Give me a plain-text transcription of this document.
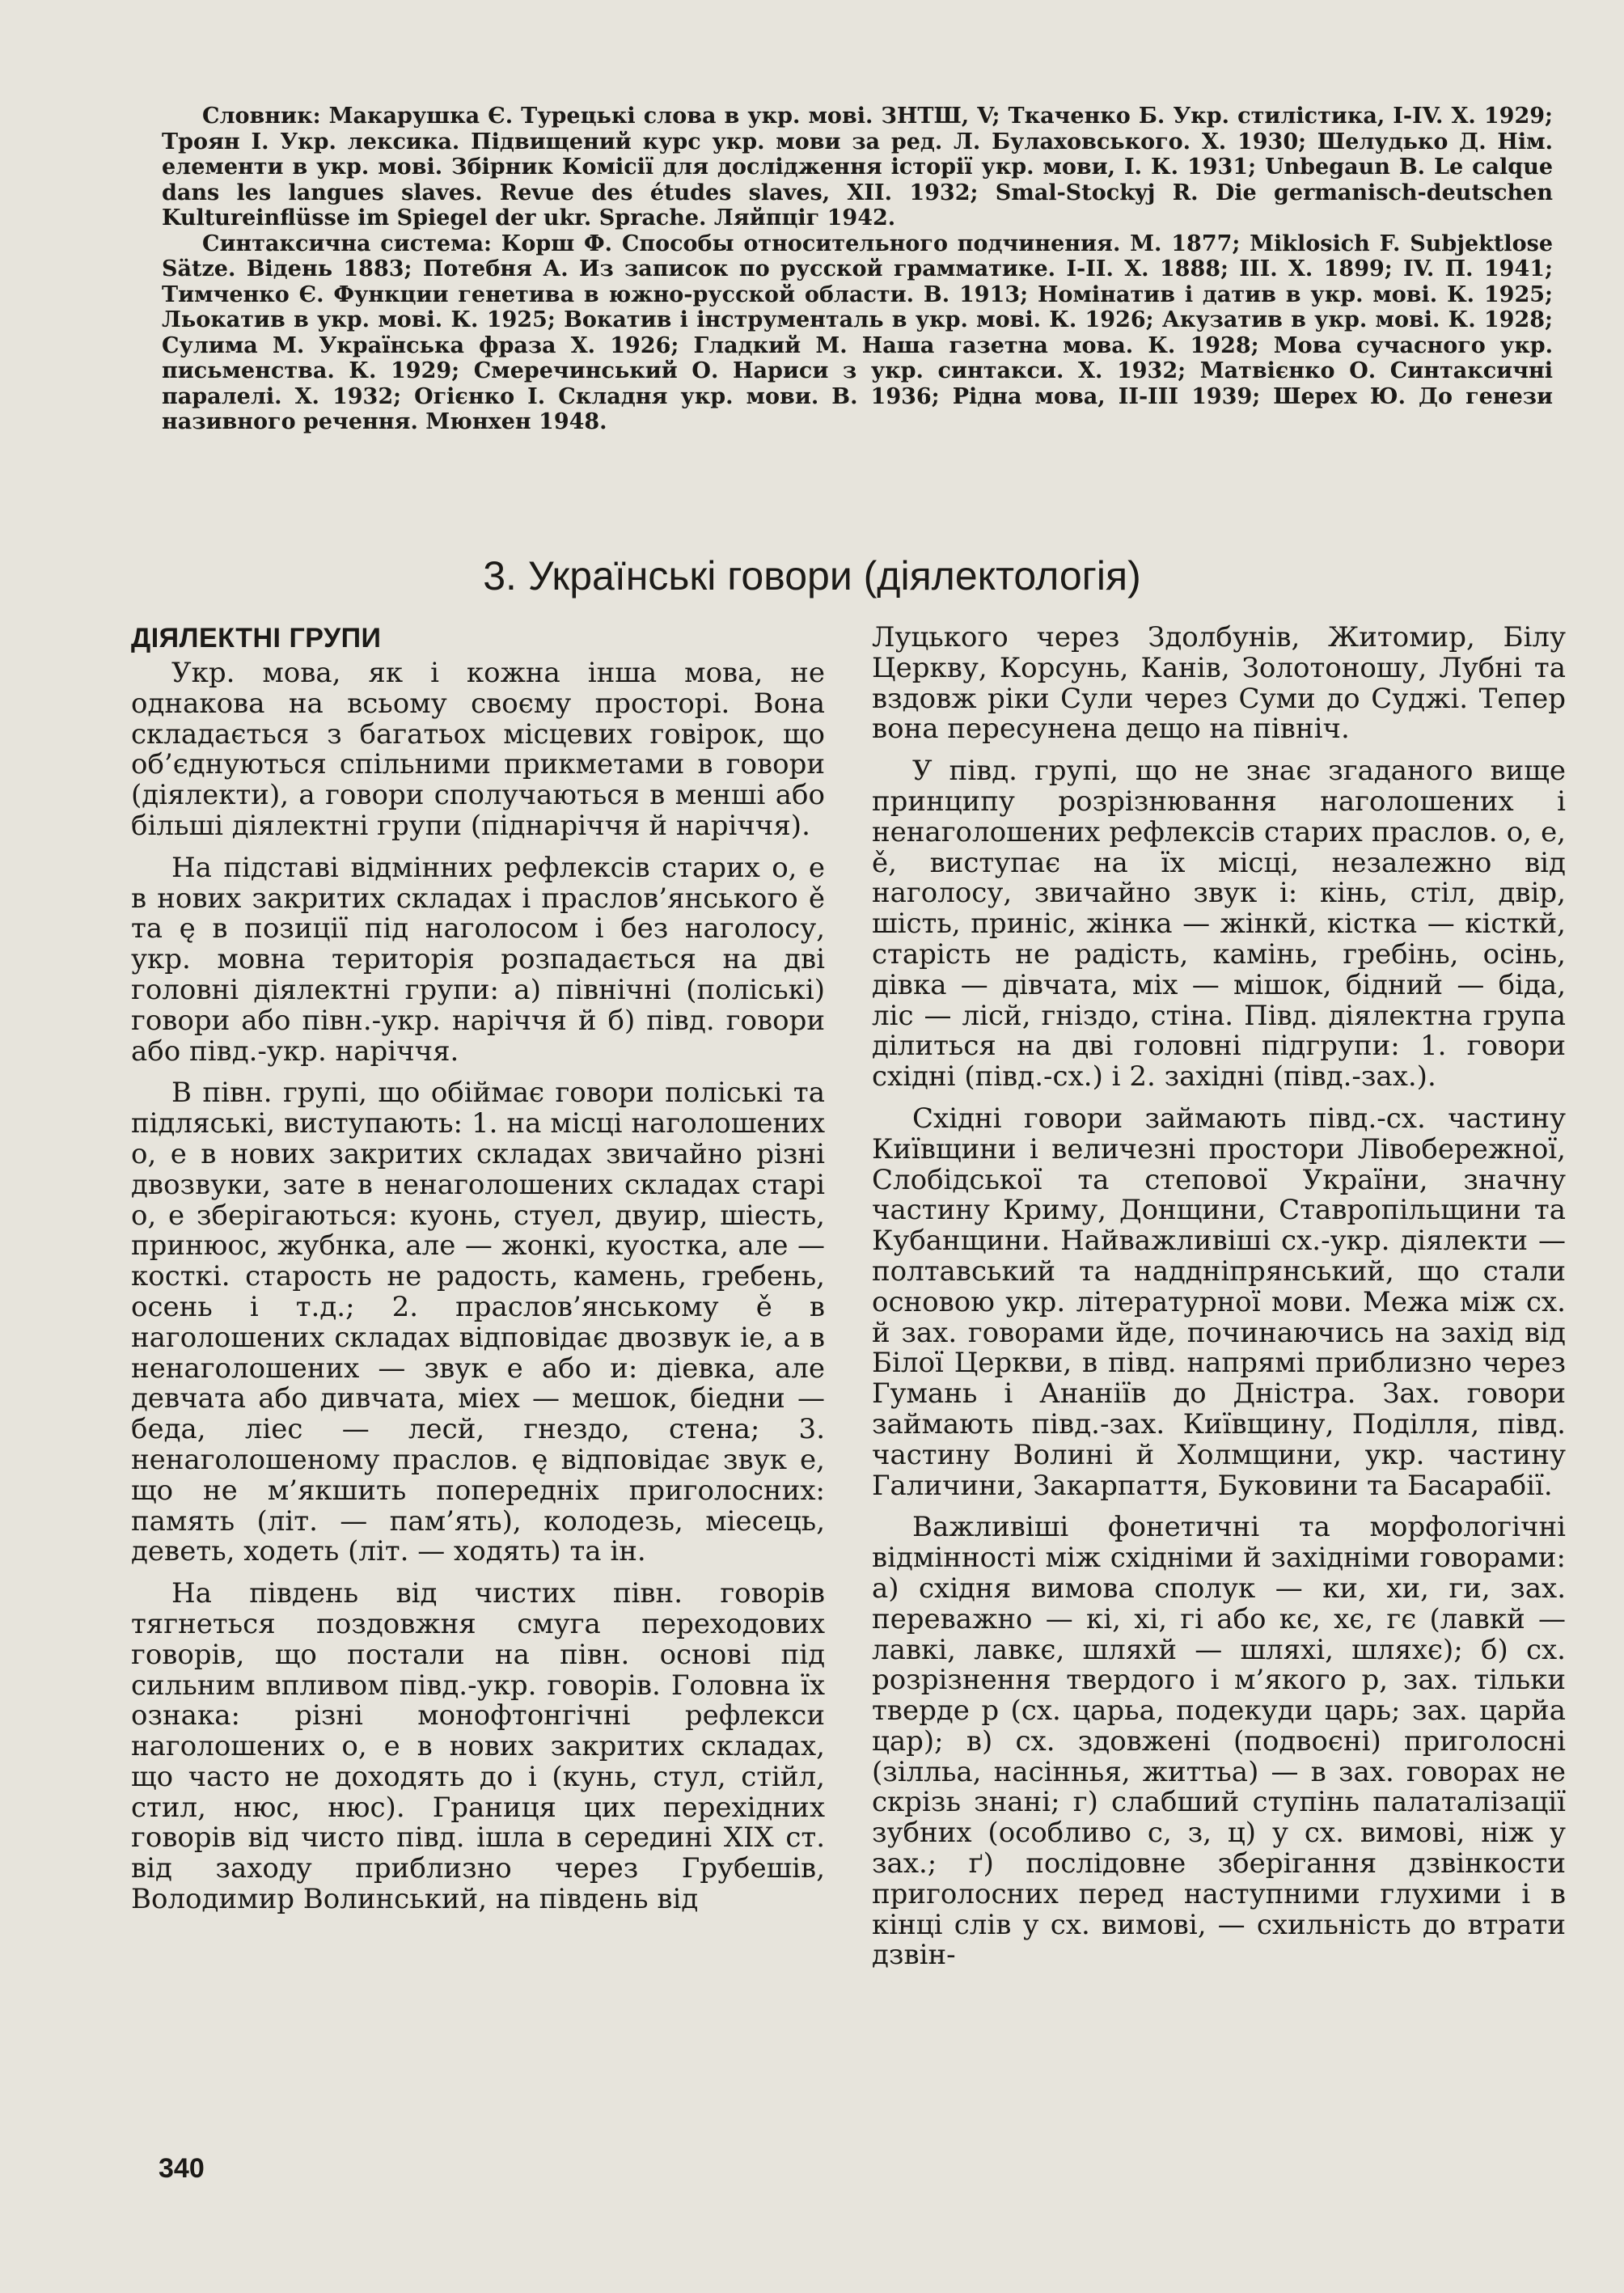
Словник: Макарушка Є. Турецькі слова в укр. мові. ЗНТШ, V; Ткаченко Б. Укр. стилістика, I-IV. Х. 1929; Троян І. Укр. лексика. Підвищений курс укр. мови за ред. Л. Булаховського. Х. 1930; Шелудько Д. Нім. елементи в укр. мові. Збірник Комісії для дослідження історії укр. мови, I. К. 1931; Unbegaun B. Le calque dans les langues slaves. Revue des études slaves, XII. 1932; Smal-Stockyj R. Die germanisch-deutschen Kultureinflüsse im Spiegel der ukr. Sprache. Ляйпціг 1942.

Синтаксична система: Корш Ф. Способы относительного подчинения. М. 1877; Miklosich F. Subjektlose Sätze. Відень 1883; Потебня А. Из записок по русской грамматике. I-II. Х. 1888; III. Х. 1899; IV. П. 1941; Тимченко Є. Функции генетива в южно-русской области. В. 1913; Номінатив і датив в укр. мові. К. 1925; Льокатив в укр. мові. К. 1925; Вокатив і інструменталь в укр. мові. К. 1926; Акузатив в укр. мові. К. 1928; Сулима М. Українська фраза Х. 1926; Гладкий М. Наша газетна мова. К. 1928; Мова сучасного укр. письменства. К. 1929; Смеречинський О. Нариси з укр. синтакси. Х. 1932; Матвієнко О. Синтаксичні паралелі. Х. 1932; Огієнко І. Складня укр. мови. В. 1936; Рідна мова, II-III 1939; Шерех Ю. До генези називного речення. Мюнхен 1948.

3. Українські говори (діялектологія)
ДІЯЛЕКТНІ ГРУПИ

Укр. мова, як і кожна інша мова, не однакова на всьому своєму просторі. Вона складається з багатьох місцевих говірок, що об’єднуються спільними прикметами в говори (діялекти), а говори сполучаються в менші або більші діялектні групи (піднаріччя й наріччя).

На підставі відмінних рефлексів старих о, е в нових закритих складах і праслов’янського ě та ę в позиції під наголосом і без наголосу, укр. мовна територія розпадається на дві головні діялектні групи: а) північні (поліські) говори або півн.-укр. наріччя й б) півд. говори або півд.-укр. наріччя.

В півн. групі, що обіймає говори поліські та підляські, виступають: 1. на місці наголошених о, е в нових закритих складах звичайно різні двозвуки, зате в ненаголошених складах старі о, е зберігаються: куонь, стуел, двуир, шіесть, принюос, жубнка, але — жонкі, куостка, але — косткі. старость не радость, камень, гребень, осень і т.д.; 2. праслов’янському ě в наголошених складах відповідає двозвук іе, а в ненаголошених — звук е або и: діевка, але девчата або дивчата, міех — мешок, біедни — беда, ліес — лесй, гнездо, стена; 3. ненаголошеному праслов. ę відповідає звук е, що не м’якшить попередніх приголосних: память (літ. — пам’ять), колодезь, міесець, деветь, ходеть (літ. — ходять) та ін.

На південь від чистих півн. говорів тягнеться поздовжня смуга переходових говорів, що постали на півн. основі під сильним впливом півд.-укр. говорів. Головна їх ознака: різні монофтонгічні рефлекси наголошених о, е в нових закритих складах, що часто не доходять до і (кунь, стул, стійл, стил, нюс, нюс). Границя цих перехідних говорів від чисто півд. ішла в середині XIX ст. від заходу приблизно через Грубешів, Володимир Волинський, на південь від

Луцького через Здолбунів, Житомир, Білу Церкву, Корсунь, Канів, Золотоношу, Лубні та вздовж ріки Сули через Суми до Суджі. Тепер вона пересунена дещо на північ.

У півд. групі, що не знає згаданого вище принципу розрізнювання наголошених і ненаголошених рефлексів старих праслов. о, е, ě, виступає на їх місці, незалежно від наголосу, звичайно звук і: кінь, стіл, двір, шість, приніс, жінка — жінкй, кістка — кісткй, старість не радість, камінь, гребінь, осінь, дівка — дівчата, міх — мішок, бідний — біда, ліс — лісй, гніздо, стіна. Півд. діялектна група ділиться на дві головні підгрупи: 1. говори східні (півд.-сх.) і 2. західні (півд.-зах.).

Східні говори займають півд.-сх. частину Київщини і величезні простори Лівобережної, Слобідської та степової України, значну частину Криму, Донщини, Ставропільщини та Кубанщини. Найважливіші сх.-укр. діялекти — полтавський та наддніпрянський, що стали основою укр. літературної мови. Межа між сх. й зах. говорами йде, починаючись на захід від Білої Церкви, в півд. напрямі приблизно через Гумань і Ананіїв до Дністра. Зах. говори займають півд.-зах. Київщину, Поділля, півд. частину Волині й Холмщини, укр. частину Галичини, Закарпаття, Буковини та Басарабії.

Важливіші фонетичні та морфологічні відмінності між східніми й західніми говорами: а) східня вимова сполук — ки, хи, ги, зах. переважно — кі, хі, гі або кє, хє, гє (лавкй — лавкі, лавкє, шляхй — шляхі, шляхє); б) сх. розрізнення твердого і м’якого р, зах. тільки тверде р (сх. царьа, подекуди царь; зах. царйа цар); в) сх. здовжені (подвоєні) приголосні (зілльа, насіннья, життьа) — в зах. говорах не скрізь знані; г) слабший ступінь палаталізації зубних (особливо с, з, ц) у сх. вимові, ніж у зах.; ґ) послідовне зберігання дзвінкости приголосних перед наступними глухими і в кінці слів у сх. вимові, — схильність до втрати дзвін-

340
